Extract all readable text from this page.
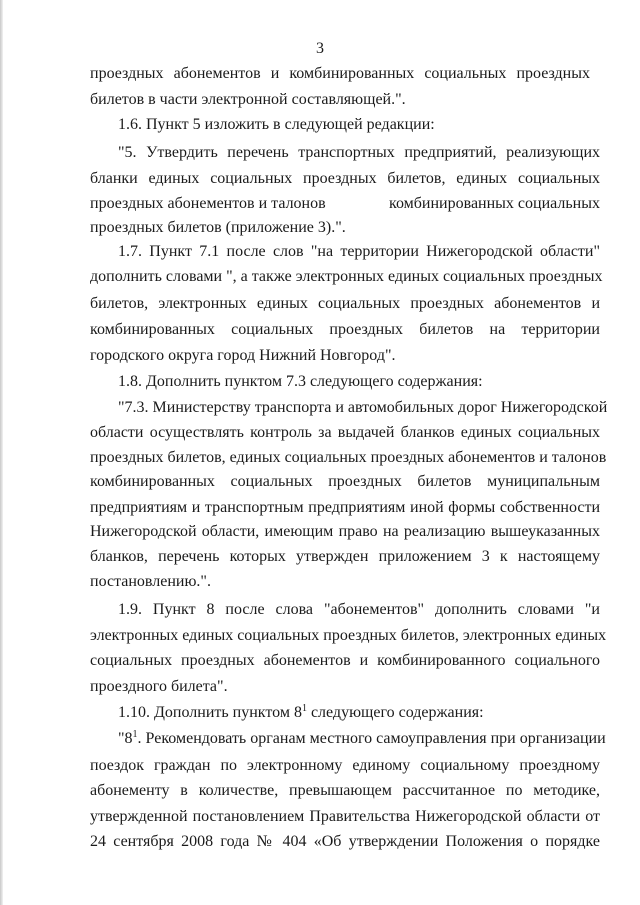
3
проездных абонементов и комбинированных социальных проездных
билетов в части электронной составляющей.".
1.6. Пункт 5 изложить в следующей редакции:
"5. Утвердить перечень транспортных предприятий, реализующих
бланки единых социальных проездных билетов, единых социальных
проездных абонементов и талонов	комбинированных социальных
проездных билетов (приложение 3).".
1.7. Пункт 7.1 после слов "на территории Нижегородской области"
дополнить словами ", а также электронных единых социальных проездных
билетов, электронных единых социальных проездных абонементов и
комбинированных социальных проездных билетов на территории
городского округа город Нижний Новгород".
1.8. Дополнить пунктом 7.3 следующего содержания:
"7.3. Министерству транспорта и автомобильных дорог Нижегородской
области осуществлять контроль за выдачей бланков единых социальных
проездных билетов, единых социальных проездных абонементов и талонов
комбинированных социальных проездных билетов муниципальным
предприятиям и транспортным предприятиям иной формы собственности
Нижегородской области, имеющим право на реализацию вышеуказанных
бланков, перечень которых утвержден приложением 3 к настоящему
постановлению.".
1.9. Пункт 8 после слова "абонементов" дополнить словами "и
электронных единых социальных проездных билетов, электронных единых
социальных проездных абонементов и комбинированного социального
проездного билета".
1.10. Дополнить пунктом $8^1$ следующего содержания:
"$8^1$. Рекомендовать органам местного самоуправления при организации
поездок граждан по электронному единому социальному проездному
абонементу в количестве, превышающем рассчитанное по методике,
утвержденной постановлением Правительства Нижегородской области от
24 сентября 2008 года № 404 «Об утверждении Положения о порядке
